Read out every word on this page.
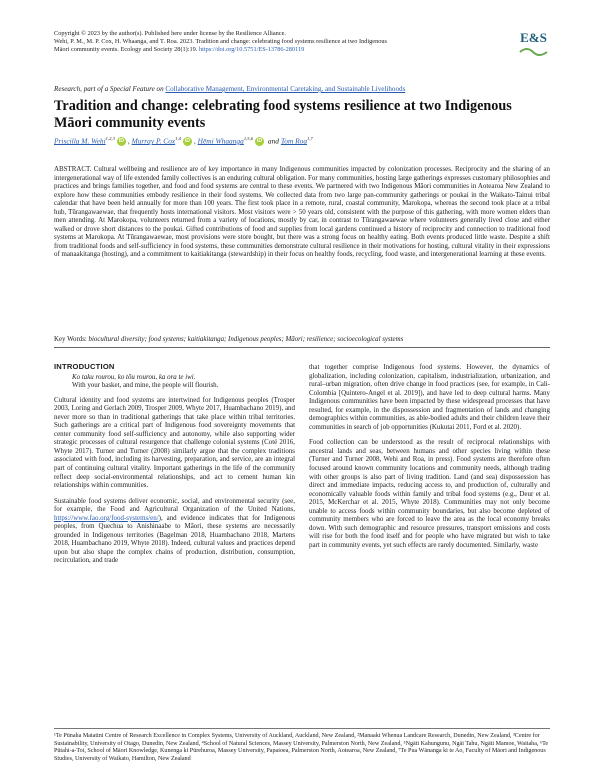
Copyright © 2023 by the author(s). Published here under license by the Resilience Alliance.
Wehi, P. M., M. P. Cox, H. Whaanga, and T. Roa. 2023. Tradition and change: celebrating food systems resilience at two Indigenous
Māori community events. Ecology and Society 28(1):19. https://doi.org/10.5751/ES-13786-280119
E&S
Research, part of a Special Feature on Collaborative Management, Environmental Caretaking, and Sustainable Livelihoods
Tradition and change: celebrating food systems resilience at two Indigenous Māori community events
Priscilla M. Wehi$^{1,2,3}$ iD , Murray P. Cox$^{1,4}$ iD , Hēmi Whaanga$^{1,5,6}$ iD and Tom Roa$^{1,7}$
ABSTRACT. Cultural wellbeing and resilience are of key importance in many Indigenous communities impacted by colonization processes. Reciprocity and the sharing of an intergenerational way of life extended family collectives is an enduring cultural obligation. For many communities, hosting large gatherings expresses customary philosophies and practices and brings families together, and food and food systems are central to these events. We partnered with two Indigenous Māori communities in Aotearoa New Zealand to explore how these communities embody resilience in their food systems. We collected data from two large pan-community gatherings or poukai in the Waikato-Tainui tribal calendar that have been held annually for more than 100 years. The first took place in a remote, rural, coastal community, Marokopa, whereas the second took place at a tribal hub, Tūrangawaewae, that frequently hosts international visitors. Most visitors were > 50 years old, consistent with the purpose of this gathering, with more women elders than men attending. At Marokopa, volunteers returned from a variety of locations, mostly by car, in contrast to Tūrangawaewae where volunteers generally lived close and either walked or drove short distances to the poukai. Gifted contributions of food and supplies from local gardens continued a history of reciprocity and connection to traditional food systems at Marokopa. At Tūrangawaewae, most provisions were store bought, but there was a strong focus on healthy eating. Both events produced little waste. Despite a shift from traditional foods and self-sufficiency in food systems, these communities demonstrate cultural resilience in their motivations for hosting, cultural vitality in their expressions of manaakitanga (hosting), and a commitment to kaitiakitanga (stewardship) in their focus on healthy foods, recycling, food waste, and intergenerational learning at these events.
Key Words: biocultural diversity; food systems; kaitiakitanga; Indigenous peoples; Māori; resilience; socioecological systems
INTRODUCTION
Ko taku rourou, ko tōu rourou, ka ora te iwi.
With your basket, and mine, the people will flourish.

Cultural identity and food systems are intertwined for Indigenous peoples (Trosper 2003, Loring and Gerlach 2009, Trosper 2009, Whyte 2017, Huambachano 2019), and never more so than in traditional gatherings that take place within tribal territories. Such gatherings are a critical part of Indigenous food sovereignty movements that center community food self-sufficiency and autonomy, while also supporting wider strategic processes of cultural resurgence that challenge colonial systems (Coté 2016, Whyte 2017). Turner and Turner (2008) similarly argue that the complex traditions associated with food, including its harvesting, preparation, and service, are an integral part of continuing cultural vitality. Important gatherings in the life of the community reflect deep social-environmental relationships, and act to cement human kin relationships within communities.

Sustainable food systems deliver economic, social, and environmental security (see, for example, the Food and Agricultural Organization of the United Nations, https://www.fao.org/food-systems/en/), and evidence indicates that for Indigenous peoples, from Quechua to Anishinaabe to Māori, these systems are necessarily grounded in Indigenous territories (Bagelman 2018, Huambachano 2018, Martens 2018, Huambachano 2019, Whyte 2018). Indeed, cultural values and practices depend upon but also shape the complex chains of production, distribution, consumption, recirculation, and trade

that together comprise Indigenous food systems. However, the dynamics of globalization, including colonization, capitalism, industrialization, urbanization, and rural–urban migration, often drive change in food practices (see, for example, in Cali-Colombia [Quintero-Angel et al. 2019]), and have led to deep cultural harms. Many Indigenous communities have been impacted by these widespread processes that have resulted, for example, in the dispossession and fragmentation of lands and changing demographics within communities, as able-bodied adults and their children leave their communities in search of job opportunities (Kukutai 2011, Ford et al. 2020).

Food collection can be understood as the result of reciprocal relationships with ancestral lands and seas, between humans and other species living within these (Turner and Turner 2008, Wehi and Roa, in press). Food systems are therefore often focused around known community locations and community needs, although trading with other groups is also part of living tradition. Land (and sea) dispossession has direct and immediate impacts, reducing access to, and production of, culturally and economically valuable foods within family and tribal food systems (e.g., Deur et al. 2015, McKerchar et al. 2015, Whyte 2018). Communities may not only become unable to access foods within community boundaries, but also become depleted of community members who are forced to leave the area as the local economy breaks down. With such demographic and resource pressures, transport emissions and costs will rise for both the food itself and for people who have migrated but wish to take part in community events, yet such effects are rarely documented. Similarly, waste

¹Te Pūnaha Matatini Centre of Research Excellence in Complex Systems, University of Auckland, Auckland, New Zealand, ²Manaaki Whenua Landcare Research, Dunedin, New Zealand, ³Centre for Sustainability, University of Otago, Dunedin, New Zealand, ⁴School of Natural Sciences, Massey University, Palmerston North, New Zealand, ⁵Ngāti Kahungunu, Ngāi Tahu, Ngāti Mamoe, Waitaha, ⁶Te Pūtahi-a-Toi, School of Māori Knowledge, Kunenga ki Pūrehuroa, Massey University, Papaioea, Palmerston North, Aotearoa, New Zealand, ⁷Te Pua Wānanga ki te Ao, Faculty of Māori and Indigenous Studies, University of Waikato, Hamilton, New Zealand
